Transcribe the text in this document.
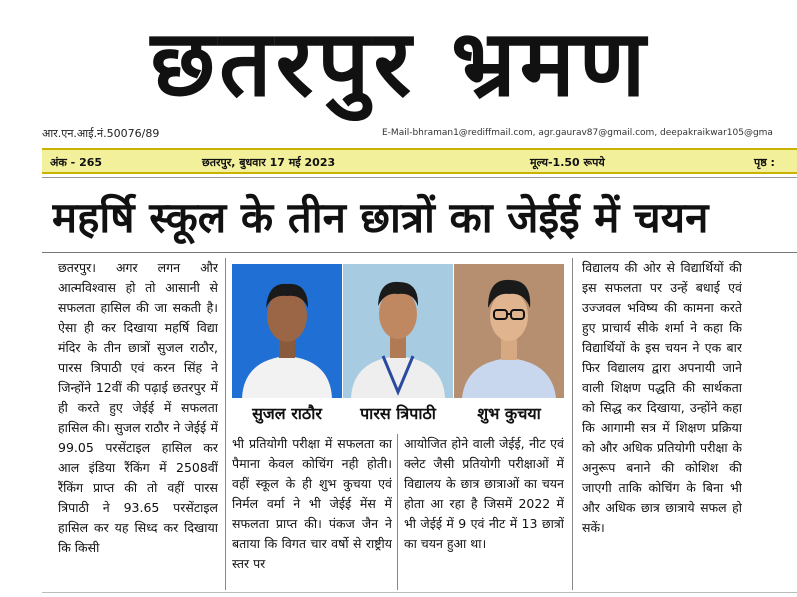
छतरपुर भ्रमण
आर.एन.आई.नं.50076/89	E-Mail-bhraman1@rediffmail.com, agr.gaurav87@gmail.com, deepakraikwar105@gma
अंक - 265	छतरपुर, बुधवार 17 मई 2023	मूल्य-1.50 रूपये	पृष्ठ :
महर्षि स्कूल के तीन छात्रों का जेईई में चयन
छतरपुर। अगर लगन और आत्मविश्वास हो तो आसानी से सफलता हासिल की जा सकती है। ऐसा ही कर दिखाया महर्षि विद्या मंदिर के तीन छात्रों सुजल राठौर, पारस त्रिपाठी एवं करन सिंह ने जिन्होंने 12वीं की पढ़ाई छतरपुर में ही करते हुए जेईई में सफलता हासिल की। सुजल राठौर ने जेईई में 99.05 परसेंटाइल हासिल कर आल इंडिया रैंकिंग में 2508वीं रैंकिंग प्राप्त की तो वहीं पारस त्रिपाठी ने 93.65 परसेंटाइल हासिल कर यह सिध्द कर दिखाया कि किसी
सुजल राठौर	पारस त्रिपाठी	शुभ कुचया
भी प्रतियोगी परीक्षा में सफलता का पैमाना केवल कोचिंग नही होती। वहीं स्कूल के ही शुभ कुचया एवं निर्मल वर्मा ने भी जेईई मेंस में सफलता प्राप्त की। पंकज जैन ने बताया कि विगत चार वर्षो से राष्ट्रीय स्तर पर
आयोजित होने वाली जेईई, नीट एवं क्लेट जैसी प्रतियोगी परीक्षाओं में विद्यालय के छात्र छात्राओं का चयन होता आ रहा है जिसमें 2022 में भी जेईई में 9 एवं नीट में 13 छात्रों का चयन हुआ था।
विद्यालय की ओर से विद्यार्थियों की इस सफलता पर उन्हें बधाई एवं उज्जवल भविष्य की कामना करते हुए प्राचार्य सीके शर्मा ने कहा कि विद्यार्थियों के इस चयन ने एक बार फिर विद्यालय द्वारा अपनायी जाने वाली शिक्षण पद्धति की सार्थकता को सिद्ध कर दिखाया, उन्होंने कहा कि आगामी सत्र में शिक्षण प्रक्रिया को और अधिक प्रतियोगी परीक्षा के अनुरूप बनाने की कोशिश की जाएगी ताकि कोचिंग के बिना भी और अधिक छात्र छात्राये सफल हो सकें।
